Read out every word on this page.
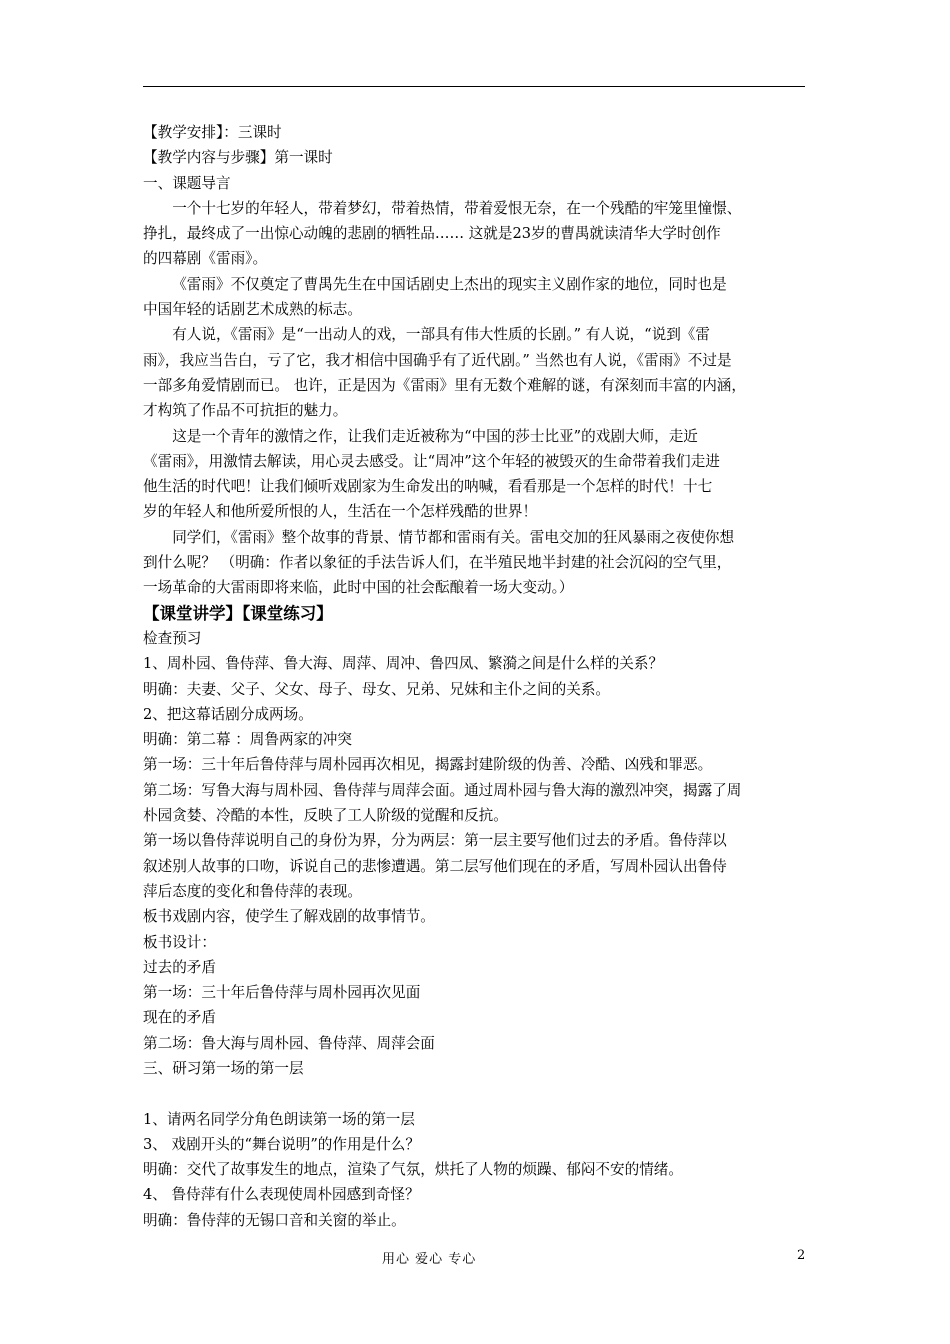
【教学安排】：三课时

【教学内容与步骤】第一课时

一、课题导言

一个十七岁的年轻人，带着梦幻，带着热情，带着爱恨无奈，在一个残酷的牢笼里憧憬、

挣扎，最终成了一出惊心动魄的悲剧的牺牲品…… 这就是23岁的曹禺就读清华大学时创作

的四幕剧《雷雨》。

《雷雨》不仅奠定了曹禺先生在中国话剧史上杰出的现实主义剧作家的地位，同时也是

中国年轻的话剧艺术成熟的标志。

有人说，《雷雨》是“一出动人的戏，一部具有伟大性质的长剧。” 有人说，“说到《雷

雨》，我应当告白，亏了它，我才相信中国确乎有了近代剧。” 当然也有人说，《雷雨》不过是

一部多角爱情剧而已。 也许，正是因为《雷雨》里有无数个难解的谜，有深刻而丰富的内涵，

才构筑了作品不可抗拒的魅力。

这是一个青年的激情之作，让我们走近被称为“中国的莎士比亚”的戏剧大师，走近

《雷雨》，用激情去解读，用心灵去感受。让“周冲”这个年轻的被毁灭的生命带着我们走进

他生活的时代吧！让我们倾听戏剧家为生命发出的呐喊，看看那是一个怎样的时代！十七

岁的年轻人和他所爱所恨的人，生活在一个怎样残酷的世界！

同学们，《雷雨》整个故事的背景、情节都和雷雨有关。雷电交加的狂风暴雨之夜使你想

到什么呢？ （明确：作者以象征的手法告诉人们，在半殖民地半封建的社会沉闷的空气里，

一场革命的大雷雨即将来临，此时中国的社会酝酿着一场大变动。）

【课堂讲学】【课堂练习】

检查预习

1、周朴园、鲁侍萍、鲁大海、周萍、周冲、鲁四凤、繁漪之间是什么样的关系？

明确：夫妻、父子、父女、母子、母女、兄弟、兄妹和主仆之间的关系。

2、把这幕话剧分成两场。

明确：第二幕 ：周鲁两家的冲突

第一场：三十年后鲁侍萍与周朴园再次相见，揭露封建阶级的伪善、冷酷、凶残和罪恶。

第二场：写鲁大海与周朴园、鲁侍萍与周萍会面。通过周朴园与鲁大海的激烈冲突，揭露了周

朴园贪婪、冷酷的本性，反映了工人阶级的觉醒和反抗。

第一场以鲁侍萍说明自己的身份为界，分为两层：第一层主要写他们过去的矛盾。鲁侍萍以

叙述别人故事的口吻，诉说自己的悲惨遭遇。第二层写他们现在的矛盾，写周朴园认出鲁侍

萍后态度的变化和鲁侍萍的表现。

板书戏剧内容，使学生了解戏剧的故事情节。

板书设计：

过去的矛盾

第一场：三十年后鲁侍萍与周朴园再次见面

现在的矛盾

第二场：鲁大海与周朴园、鲁侍萍、周萍会面

三、研习第一场的第一层

1、请两名同学分角色朗读第一场的第一层

3、 戏剧开头的“舞台说明”的作用是什么？

明确：交代了故事发生的地点，渲染了气氛，烘托了人物的烦躁、郁闷不安的情绪。

4、 鲁侍萍有什么表现使周朴园感到奇怪？

明确：鲁侍萍的无锡口音和关窗的举止。

用心 爱心 专心	2
